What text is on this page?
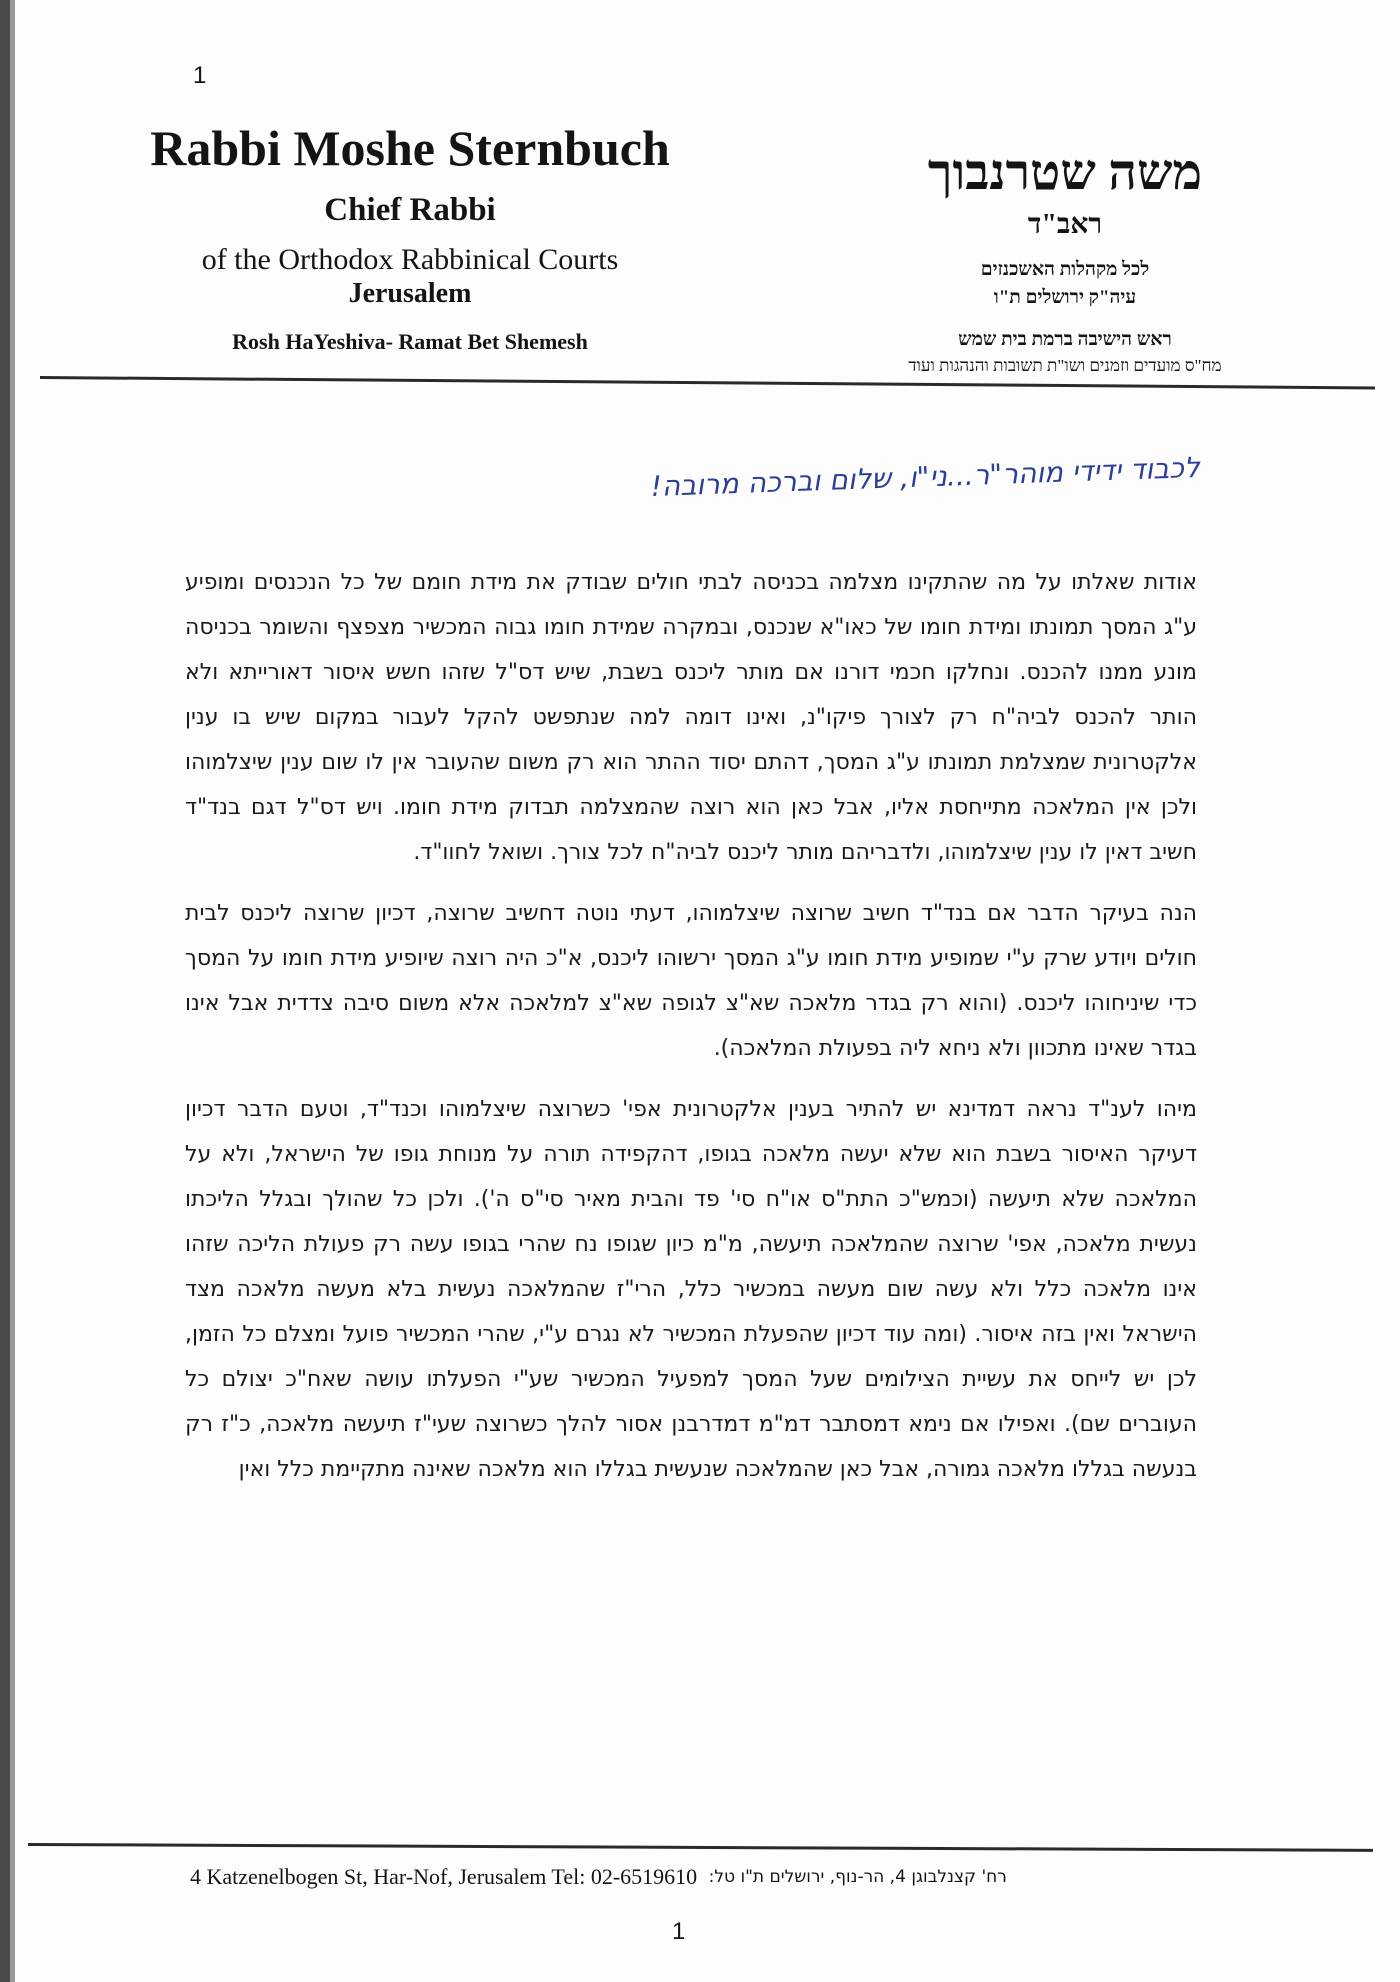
1
Rabbi Moshe Sternbuch
Chief Rabbi
of the Orthodox Rabbinical Courts
Jerusalem
Rosh HaYeshiva- Ramat Bet Shemesh
משה שטרנבוך
ראב"ד
לכל מקהלות האשכנזים
עיה"ק ירושלים ת"ו
ראש הישיבה ברמת בית שמש
מח"ס מועדים וזמנים ושו"ת תשובות והנהגות ועוד
לכבוד ידידי מוהר"ר...ני"ו, שלום וברכה מרובה!

אודות שאלתו על מה שהתקינו מצלמה בכניסה לבתי חולים שבודק את מידת חומם של כל הנכנסים ומופיע ע"ג המסך תמונתו ומידת חומו של כאו"א שנכנס, ובמקרה שמידת חומו גבוה המכשיר מצפצף והשומר בכניסה מונע ממנו להכנס. ונחלקו חכמי דורנו אם מותר ליכנס בשבת, שיש דס"ל שזהו חשש איסור דאורייתא ולא הותר להכנס לביה"ח רק לצורך פיקו"נ, ואינו דומה למה שנתפשט להקל לעבור במקום שיש בו ענין אלקטרונית שמצלמת תמונתו ע"ג המסך, דהתם יסוד ההתר הוא רק משום שהעובר אין לו שום ענין שיצלמוהו ולכן אין המלאכה מתייחסת אליו, אבל כאן הוא רוצה שהמצלמה תבדוק מידת חומו. ויש דס"ל דגם בנד"ד חשיב דאין לו ענין שיצלמוהו, ולדבריהם מותר ליכנס לביה"ח לכל צורך. ושואל לחוו"ד.

הנה בעיקר הדבר אם בנד"ד חשיב שרוצה שיצלמוהו, דעתי נוטה דחשיב שרוצה, דכיון שרוצה ליכנס לבית חולים ויודע שרק ע"י שמופיע מידת חומו ע"ג המסך ירשוהו ליכנס, א"כ היה רוצה שיופיע מידת חומו על המסך כדי שיניחוהו ליכנס. (והוא רק בגדר מלאכה שא"צ לגופה שא"צ למלאכה אלא משום סיבה צדדית אבל אינו בגדר שאינו מתכוון ולא ניחא ליה בפעולת המלאכה).

מיהו לענ"ד נראה דמדינא יש להתיר בענין אלקטרונית אפי' כשרוצה שיצלמוהו וכנד"ד, וטעם הדבר דכיון דעיקר האיסור בשבת הוא שלא יעשה מלאכה בגופו, דהקפידה תורה על מנוחת גופו של הישראל, ולא על המלאכה שלא תיעשה (וכמש"כ התת"ס או"ח סי' פד והבית מאיר סי"ס ה'). ולכן כל שהולך ובגלל הליכתו נעשית מלאכה, אפי' שרוצה שהמלאכה תיעשה, מ"מ כיון שגופו נח שהרי בגופו עשה רק פעולת הליכה שזהו אינו מלאכה כלל ולא עשה שום מעשה במכשיר כלל, הרי"ז שהמלאכה נעשית בלא מעשה מלאכה מצד הישראל ואין בזה איסור. (ומה עוד דכיון שהפעלת המכשיר לא נגרם ע"י, שהרי המכשיר פועל ומצלם כל הזמן, לכן יש לייחס את עשיית הצילומים שעל המסך למפעיל המכשיר שע"י הפעלתו עושה שאח"כ יצולם כל העוברים שם). ואפילו אם נימא דמסתבר דמ"מ דמדרבנן אסור להלך כשרוצה שעי"ז תיעשה מלאכה, כ"ז רק בנעשה בגללו מלאכה גמורה, אבל כאן שהמלאכה שנעשית בגללו הוא מלאכה שאינה מתקיימת כלל ואין

4 Katzenelbogen St, Har-Nof, Jerusalem Tel: 02-6519610 רח' קצנלבוגן 4, הר-נוף, ירושלים ת"ו טל:
1
